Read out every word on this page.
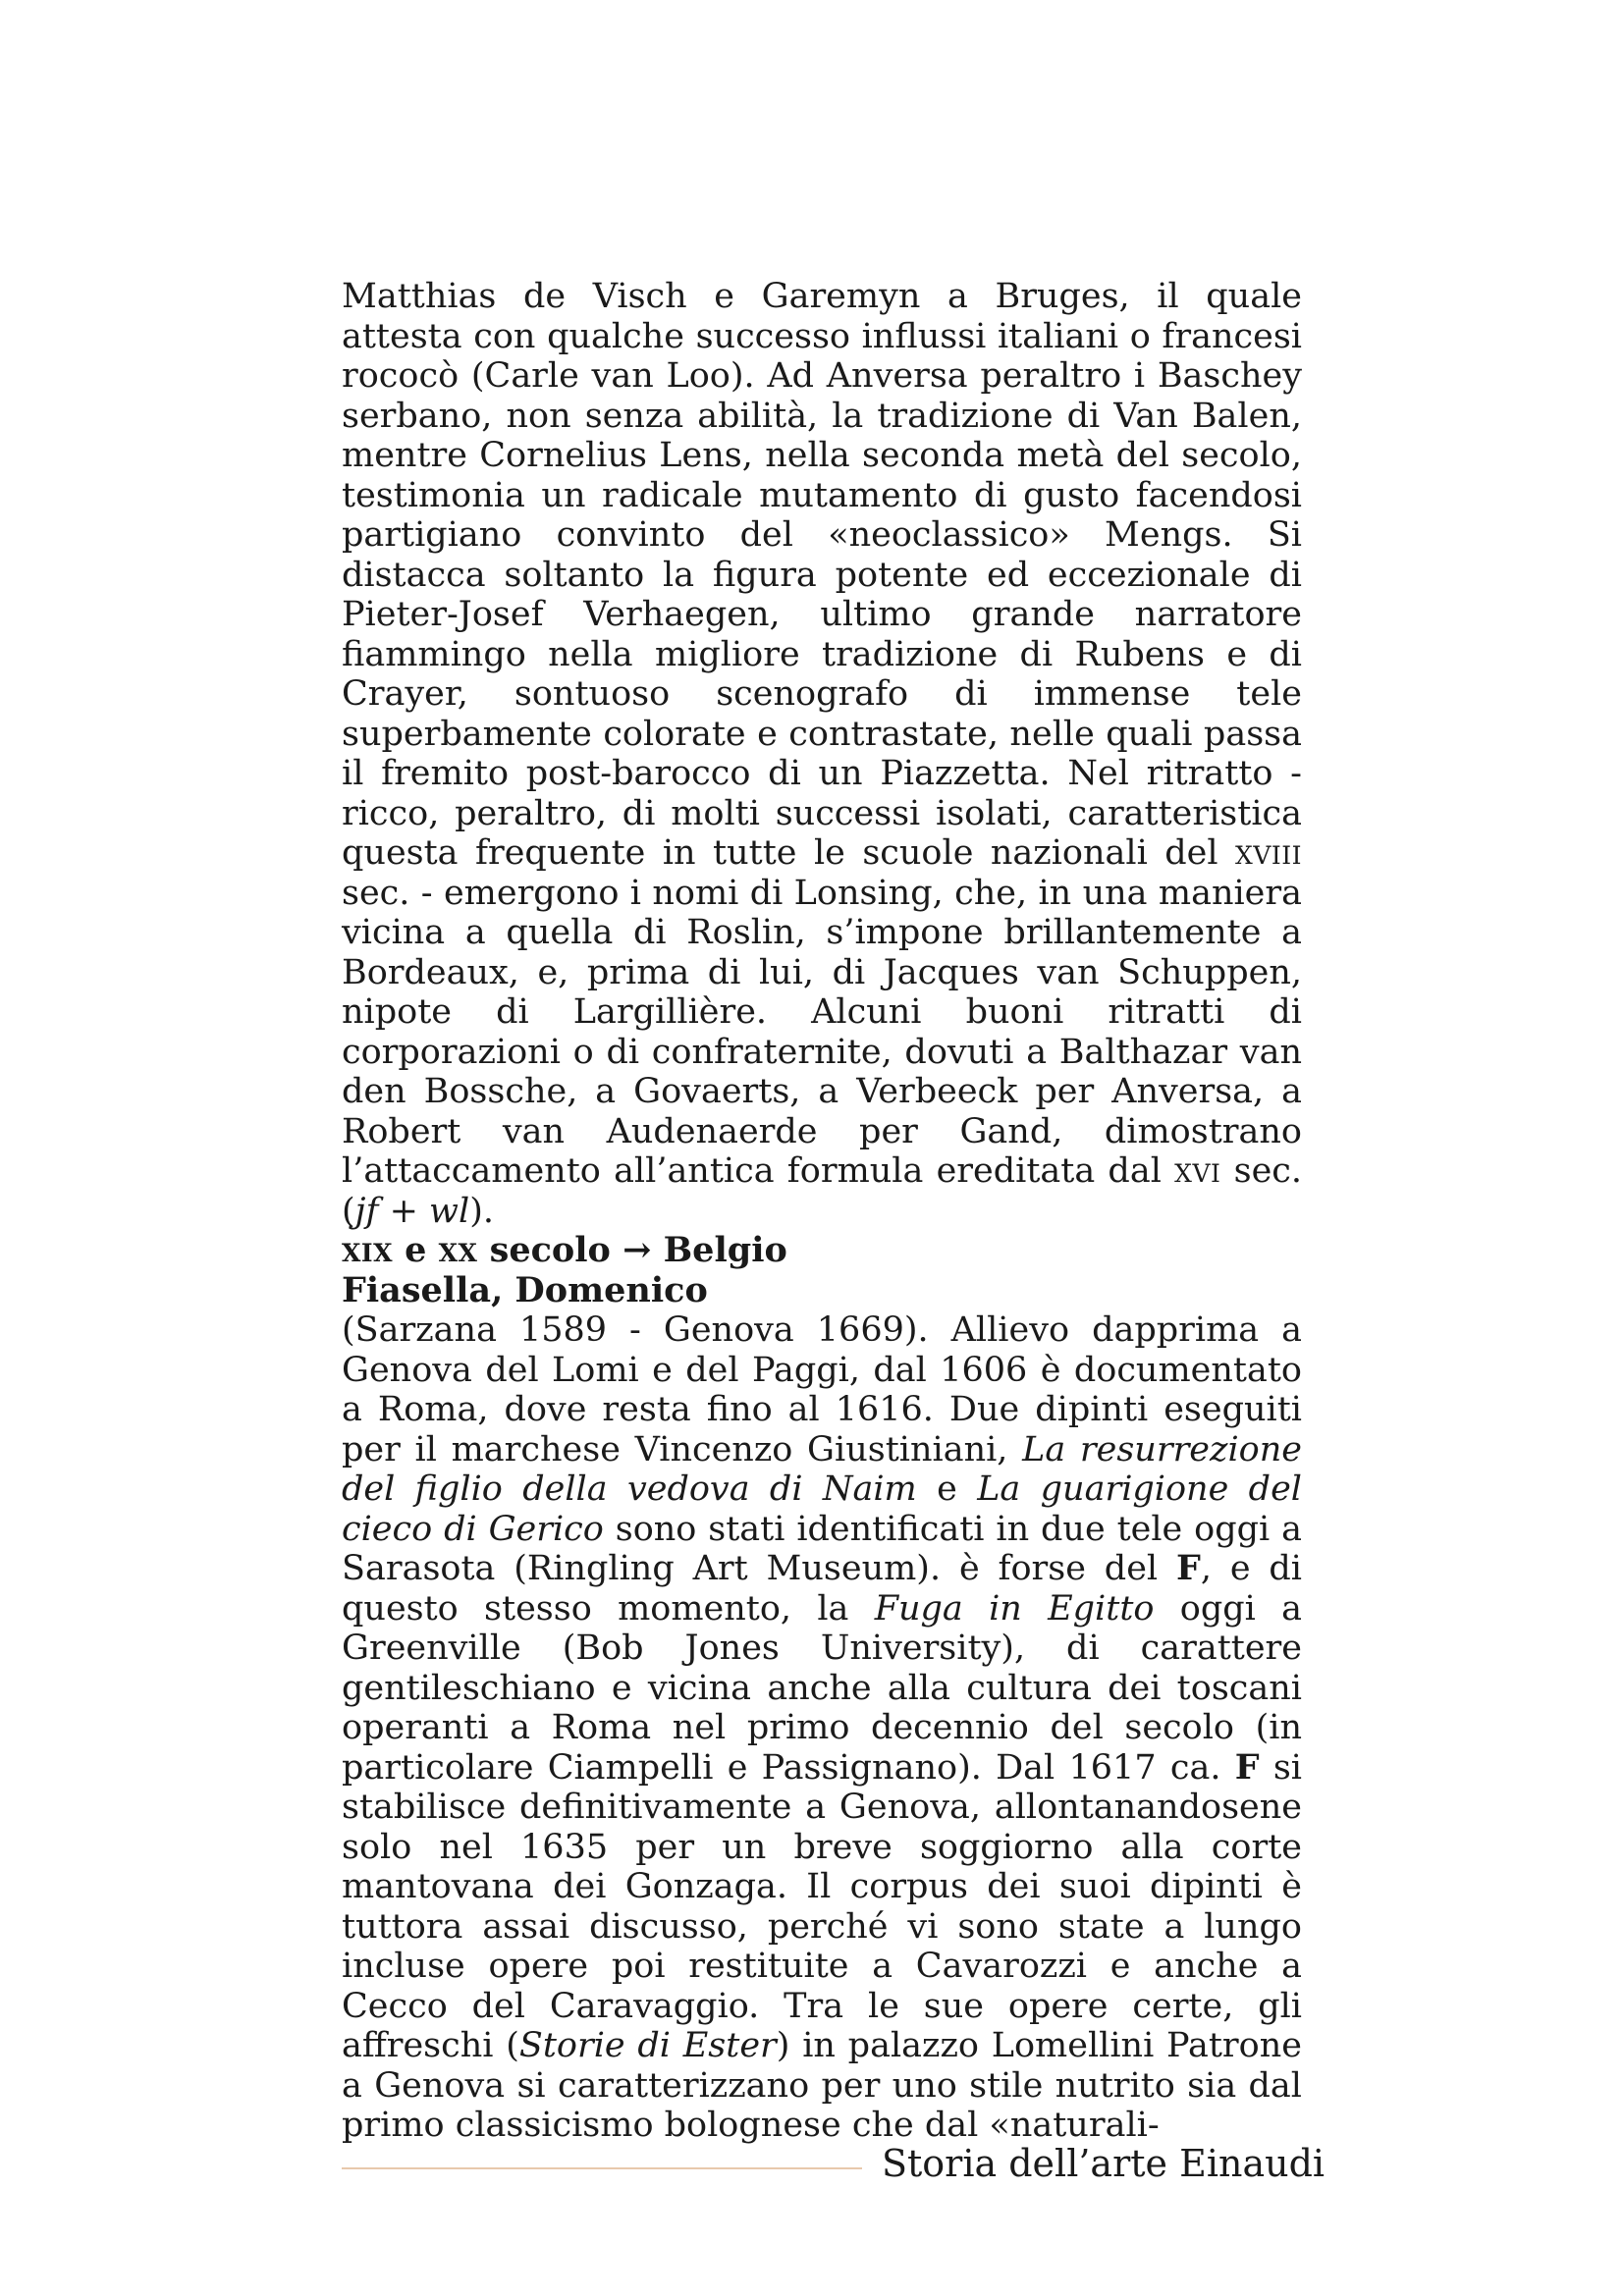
Matthias de Visch e Garemyn a Bruges, il quale attesta con qualche successo influssi italiani o francesi rococò (Carle van Loo). Ad Anversa peraltro i Baschey serbano, non senza abilità, la tradizione di Van Balen, mentre Cornelius Lens, nella seconda metà del secolo, testimonia un radicale mutamento di gusto facendosi partigiano convinto del «neoclassico» Mengs. Si distacca soltanto la figura potente ed eccezionale di Pieter-Josef Verhaegen, ultimo grande narratore fiammingo nella migliore tradizione di Rubens e di Crayer, sontuoso scenografo di immense tele superbamente colorate e contrastate, nelle quali passa il fremito post-barocco di un Piazzetta. Nel ritratto - ricco, peraltro, di molti successi isolati, caratteristica questa frequente in tutte le scuole nazionali del xviii sec. - emergono i nomi di Lonsing, che, in una maniera vicina a quella di Roslin, s’impone brillantemente a Bordeaux, e, prima di lui, di Jacques van Schuppen, nipote di Largillière. Alcuni buoni ritratti di corporazioni o di confraternite, dovuti a Balthazar van den Bossche, a Govaerts, a Verbeeck per Anversa, a Robert van Audenaerde per Gand, dimostrano l’attaccamento all’antica formula ereditata dal xvi sec. (jf + wl).

xix e xx secolo → Belgio

Fiasella, Domenico

(Sarzana 1589 - Genova 1669). Allievo dapprima a Genova del Lomi e del Paggi, dal 1606 è documentato a Roma, dove resta fino al 1616. Due dipinti eseguiti per il marchese Vincenzo Giustiniani, La resurrezione del figlio della vedova di Naim e La guarigione del cieco di Gerico sono stati identificati in due tele oggi a Sarasota (Ringling Art Museum). è forse del F, e di questo stesso momento, la Fuga in Egitto oggi a Greenville (Bob Jones University), di carattere gentileschiano e vicina anche alla cultura dei toscani operanti a Roma nel primo decennio del secolo (in particolare Ciampelli e Passignano). Dal 1617 ca. F si stabilisce definitivamente a Genova, allontanandosene solo nel 1635 per un breve soggiorno alla corte mantovana dei Gonzaga. Il corpus dei suoi dipinti è tuttora assai discusso, perché vi sono state a lungo incluse opere poi restituite a Cavarozzi e anche a Cecco del Caravaggio. Tra le sue opere certe, gli affreschi (Storie di Ester) in palazzo Lomellini Patrone a Genova si caratterizzano per uno stile nutrito sia dal primo classicismo bolognese che dal «naturali-

Storia dell’arte Einaudi
